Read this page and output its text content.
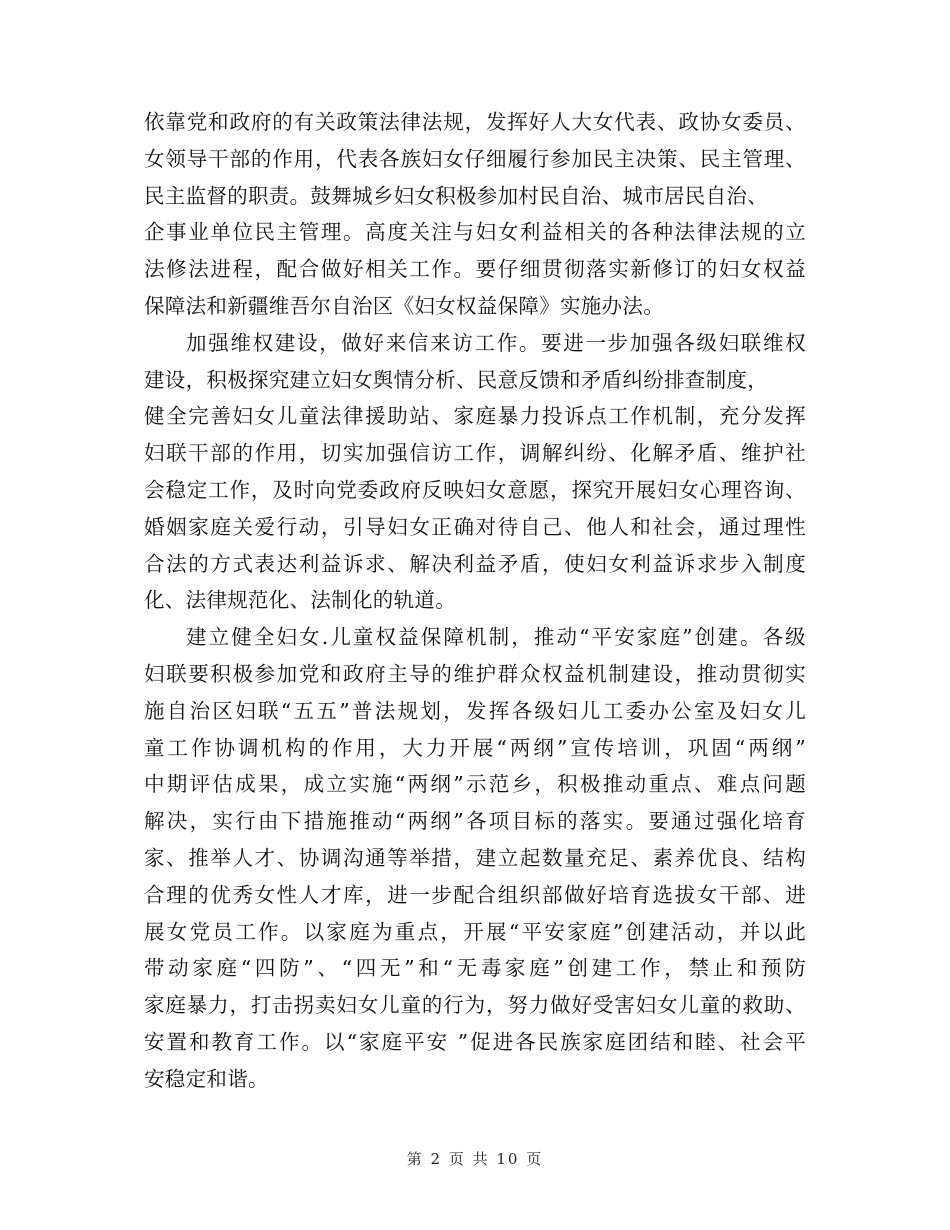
依靠党和政府的有关政策法律法规，发挥好人大女代表、政协女委员、
女领导干部的作用，代表各族妇女仔细履行参加民主决策、民主管理、
民主监督的职责。鼓舞城乡妇女积极参加村民自治、城市居民自治、
企事业单位民主管理。高度关注与妇女利益相关的各种法律法规的立
法修法进程，配合做好相关工作。要仔细贯彻落实新修订的妇女权益
保障法和新疆维吾尔自治区《妇女权益保障》实施办法。
加强维权建设，做好来信来访工作。要进一步加强各级妇联维权
建设，积极探究建立妇女舆情分析、民意反馈和矛盾纠纷排查制度，
健全完善妇女儿童法律援助站、家庭暴力投诉点工作机制，充分发挥
妇联干部的作用，切实加强信访工作，调解纠纷、化解矛盾、维护社
会稳定工作，及时向党委政府反映妇女意愿，探究开展妇女心理咨询、
婚姻家庭关爱行动，引导妇女正确对待自己、他人和社会，通过理性
合法的方式表达利益诉求、解决利益矛盾，使妇女利益诉求步入制度
化、法律规范化、法制化的轨道。
建立健全妇女.儿童权益保障机制，推动“平安家庭”创建。各级
妇联要积极参加党和政府主导的维护群众权益机制建设，推动贯彻实
施自治区妇联“五五”普法规划，发挥各级妇儿工委办公室及妇女儿
童工作协调机构的作用，大力开展“两纲”宣传培训，巩固“两纲”
中期评估成果，成立实施“两纲”示范乡，积极推动重点、难点问题
解决，实行由下措施推动“两纲”各项目标的落实。要通过强化培育
家、推举人才、协调沟通等举措，建立起数量充足、素养优良、结构
合理的优秀女性人才库，进一步配合组织部做好培育选拔女干部、进
展女党员工作。以家庭为重点，开展“平安家庭”创建活动，并以此
带动家庭“四防”、“四无”和“无毒家庭”创建工作，禁止和预防
家庭暴力，打击拐卖妇女儿童的行为，努力做好受害妇女儿童的救助、
安置和教育工作。以“家庭平安 ”促进各民族家庭团结和睦、社会平
安稳定和谐。
第 2 页 共 10 页
